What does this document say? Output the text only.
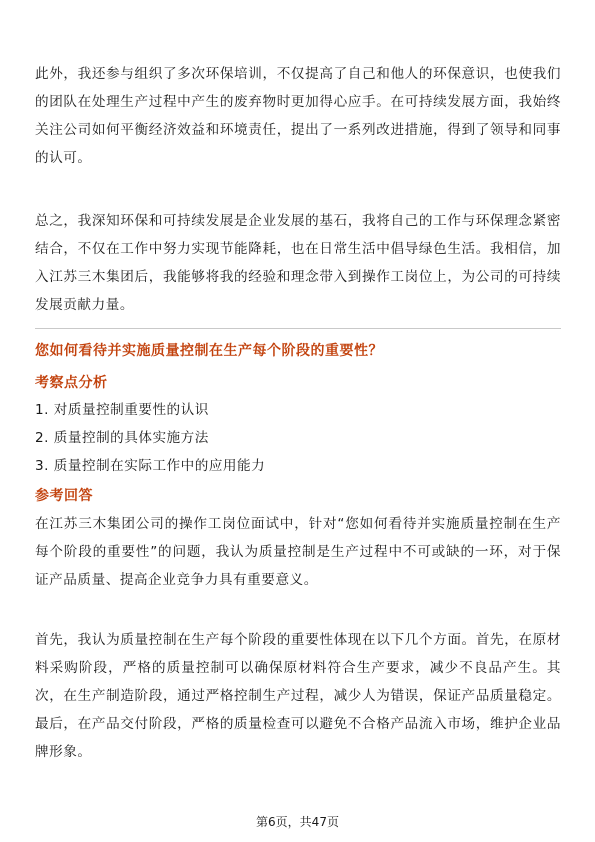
此外，我还参与组织了多次环保培训，不仅提高了自己和他人的环保意识，也使我们的团队在处理生产过程中产生的废弃物时更加得心应手。在可持续发展方面，我始终关注公司如何平衡经济效益和环境责任，提出了一系列改进措施，得到了领导和同事的认可。

总之，我深知环保和可持续发展是企业发展的基石，我将自己的工作与环保理念紧密结合，不仅在工作中努力实现节能降耗，也在日常生活中倡导绿色生活。我相信，加入江苏三木集团后，我能够将我的经验和理念带入到操作工岗位上，为公司的可持续发展贡献力量。

您如何看待并实施质量控制在生产每个阶段的重要性？
考察点分析
1. 对质量控制重要性的认识
2. 质量控制的具体实施方法
3. 质量控制在实际工作中的应用能力
参考回答

在江苏三木集团公司的操作工岗位面试中，针对“您如何看待并实施质量控制在生产每个阶段的重要性”的问题，我认为质量控制是生产过程中不可或缺的一环，对于保证产品质量、提高企业竞争力具有重要意义。

首先，我认为质量控制在生产每个阶段的重要性体现在以下几个方面。首先，在原材料采购阶段，严格的质量控制可以确保原材料符合生产要求，减少不良品产生。其次，在生产制造阶段，通过严格控制生产过程，减少人为错误，保证产品质量稳定。最后，在产品交付阶段，严格的质量检查可以避免不合格产品流入市场，维护企业品牌形象。

第6页，共47页
